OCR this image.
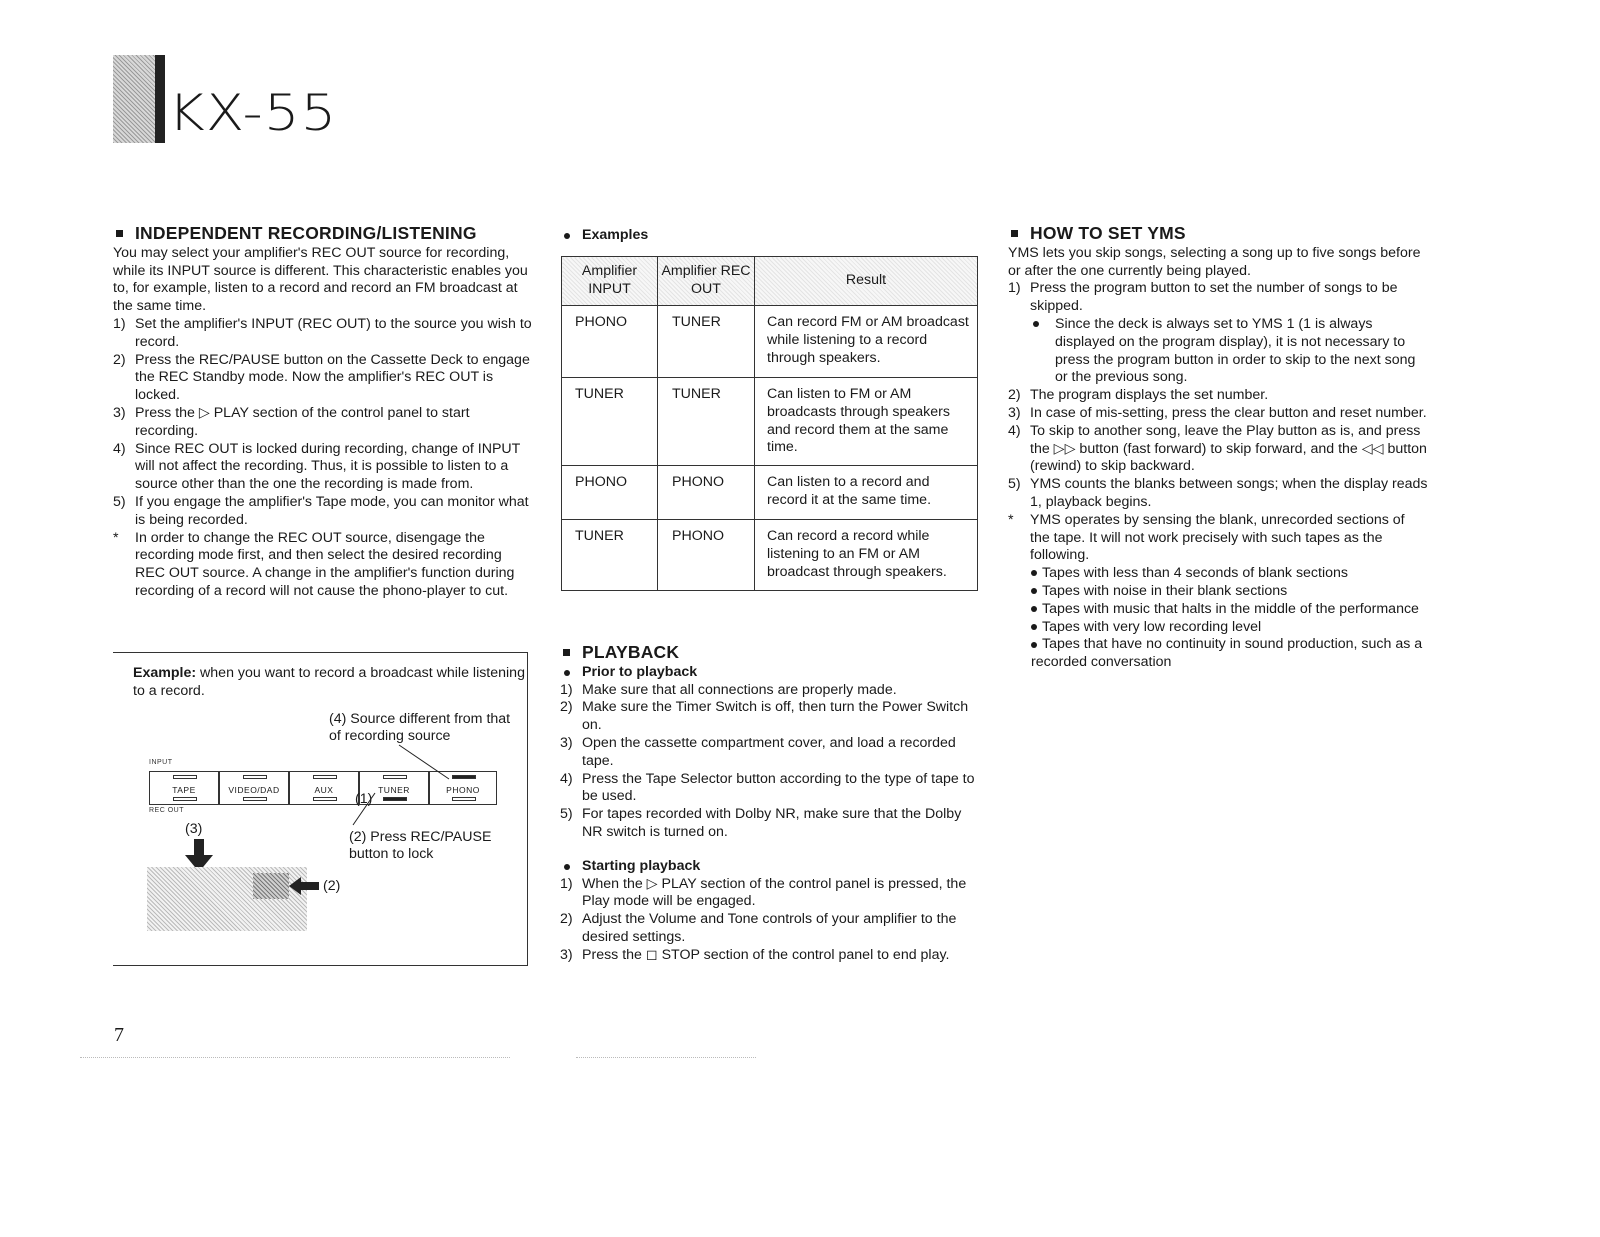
KX-55
INDEPENDENT RECORDING/LISTENING

You may select your amplifier's REC OUT source for recording, while its INPUT source is different. This characteristic enables you to, for example, listen to a record and record an FM broadcast at the same time.

1) Set the amplifier's INPUT (REC OUT) to the source you wish to record.
2) Press the REC/PAUSE button on the Cassette Deck to engage the REC Standby mode. Now the amplifier's REC OUT is locked.
3) Press the ▷ PLAY section of the control panel to start recording.
4) Since REC OUT is locked during recording, change of INPUT will not affect the recording. Thus, it is possible to listen to a source other than the one the recording is made from.
5) If you engage the amplifier's Tape mode, you can monitor what is being recorded.
*	In order to change the REC OUT source, disengage the recording mode first, and then select the desired recording REC OUT source. A change in the amplifier's function during recording of a record will not cause the phono-player to cut.
Example: when you want to record a broadcast while listening to a record.
(4) Source different from that of recording source
INPUT
TAPE	VIDEO/DAD	AUX	TUNER	PHONO
REC OUT
(1)
(3)	(2) Press REC/PAUSE button to lock
(2)
Examples
Amplifier INPUT	Amplifier REC OUT	Result
PHONO	TUNER	Can record FM or AM broadcast while listening to a record through speakers.
TUNER	TUNER	Can listen to FM or AM broadcasts through speakers and record them at the same time.
PHONO	PHONO	Can listen to a record and record it at the same time.
TUNER	PHONO	Can record a record while listening to an FM or AM broadcast through speakers.
PLAYBACK
Prior to playback
1) Make sure that all connections are properly made.
2) Make sure the Timer Switch is off, then turn the Power Switch on.
3) Open the cassette compartment cover, and load a recorded tape.
4) Press the Tape Selector button according to the type of tape to be used.
5) For tapes recorded with Dolby NR, make sure that the Dolby NR switch is turned on.
Starting playback
1) When the ▷ PLAY section of the control panel is pressed, the Play mode will be engaged.
2) Adjust the Volume and Tone controls of your amplifier to the desired settings.
3) Press the ◻ STOP section of the control panel to end play.
HOW TO SET YMS

YMS lets you skip songs, selecting a song up to five songs before or after the one currently being played.

1) Press the program button to set the number of songs to be skipped.
Since the deck is always set to YMS 1 (1 is always displayed on the program display), it is not necessary to press the program button in order to skip to the next song or the previous song.
2) The program displays the set number.
3) In case of mis-setting, press the clear button and reset number.
4) To skip to another song, leave the Play button as is, and press the ▷▷ button (fast forward) to skip forward, and the ◁◁ button (rewind) to skip backward.
5) YMS counts the blanks between songs; when the display reads 1, playback begins.
*	YMS operates by sensing the blank, unrecorded sections of the tape. It will not work precisely with such tapes as the following.
Tapes with less than 4 seconds of blank sections
Tapes with noise in their blank sections
Tapes with music that halts in the middle of the performance
Tapes with very low recording level
Tapes that have no continuity in sound production, such as a recorded conversation
7
